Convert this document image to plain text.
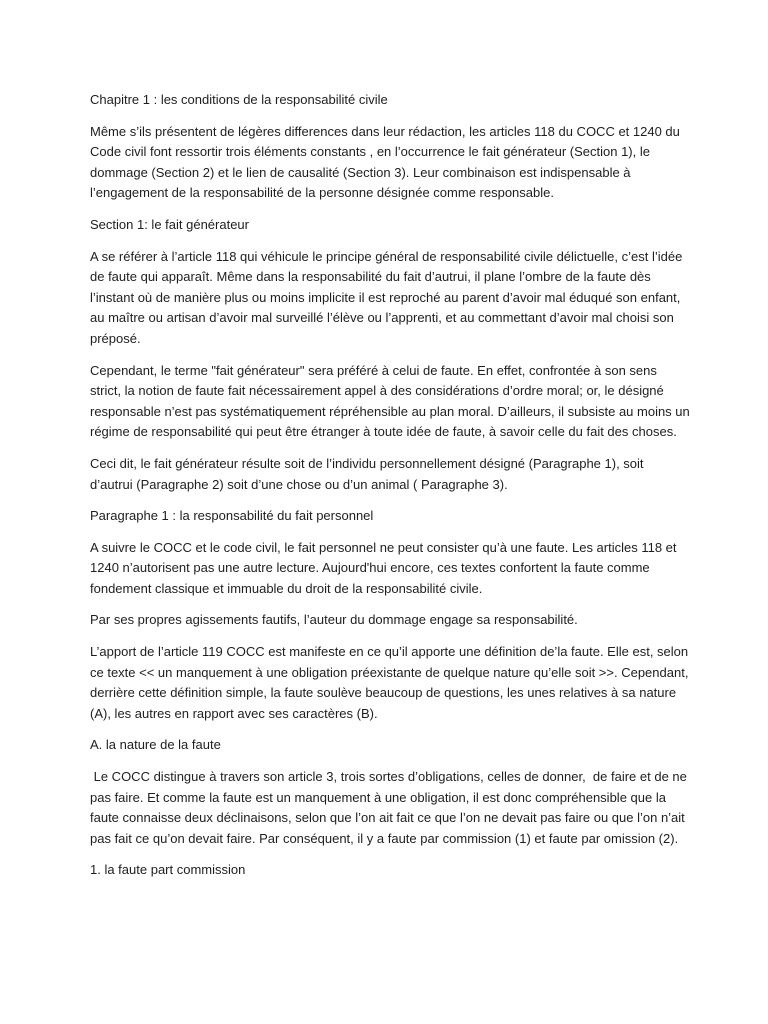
Chapitre 1 : les conditions de la responsabilité civile

Même s’ils présentent de légères differences dans leur rédaction, les articles 118 du COCC et 1240 du
Code civil font ressortir trois éléments constants , en l’occurrence le fait générateur (Section 1), le
dommage (Section 2) et le lien de causalité (Section 3). Leur combinaison est indispensable à
l’engagement de la responsabilité de la personne désignée comme responsable.

Section 1: le fait générateur

A se référer à l’article 118 qui véhicule le principe général de responsabilité civile délictuelle, c’est l’idée
de faute qui apparaît. Même dans la responsabilité du fait d’autrui, il plane l’ombre de la faute dès
l’instant où de manière plus ou moins implicite il est reproché au parent d’avoir mal éduqué son enfant,
au maître ou artisan d’avoir mal surveillé l’élève ou l’apprenti, et au commettant d’avoir mal choisi son
préposé.

Cependant, le terme "fait générateur" sera préféré à celui de faute. En effet, confrontée à son sens
strict, la notion de faute fait nécessairement appel à des considérations d’ordre moral; or, le désigné
responsable n’est pas systématiquement répréhensible au plan moral. D’ailleurs, il subsiste au moins un
régime de responsabilité qui peut être étranger à toute idée de faute, à savoir celle du fait des choses.

Ceci dit, le fait générateur résulte soit de l’individu personnellement désigné (Paragraphe 1), soit
d’autrui (Paragraphe 2) soit d’une chose ou d’un animal ( Paragraphe 3).

Paragraphe 1 : la responsabilité du fait personnel

A suivre le COCC et le code civil, le fait personnel ne peut consister qu’à une faute. Les articles 118 et
1240 n’autorisent pas une autre lecture. Aujourd'hui encore, ces textes confortent la faute comme
fondement classique et immuable du droit de la responsabilité civile.

Par ses propres agissements fautifs, l’auteur du dommage engage sa responsabilité.

L’apport de l’article 119 COCC est manifeste en ce qu’il apporte une définition de’la faute. Elle est, selon
ce texte << un manquement à une obligation préexistante de quelque nature qu’elle soit >>. Cependant,
derrière cette définition simple, la faute soulève beaucoup de questions, les unes relatives à sa nature
(A), les autres en rapport avec ses caractères (B).

A. la nature de la faute

Le COCC distingue à travers son article 3, trois sortes d’obligations, celles de donner,  de faire et de ne
pas faire. Et comme la faute est un manquement à une obligation, il est donc compréhensible que la
faute connaisse deux déclinaisons, selon que l’on ait fait ce que l’on ne devait pas faire ou que l’on n’ait
pas fait ce qu’on devait faire. Par conséquent, il y a faute par commission (1) et faute par omission (2).

1. la faute part commission
